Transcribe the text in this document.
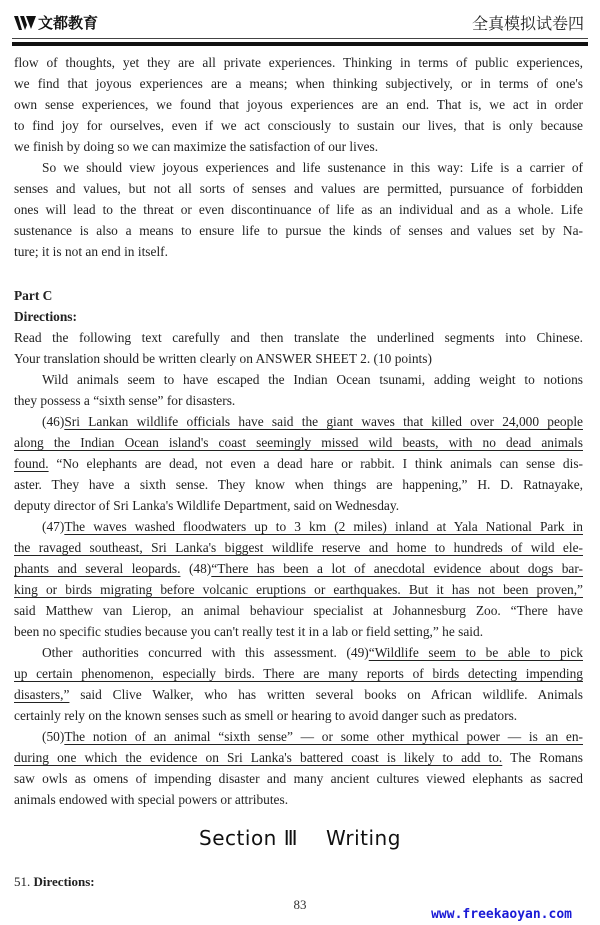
文都教育	全真模拟试卷四
flow of thoughts, yet they are all private experiences. Thinking in terms of public experiences,
we find that joyous experiences are a means; when thinking subjectively, or in terms of one's
own sense experiences, we found that joyous experiences are an end. That is, we act in order
to find joy for ourselves, even if we act consciously to sustain our lives, that is only because
we finish by doing so we can maximize the satisfaction of our lives.
So we should view joyous experiences and life sustenance in this way: Life is a carrier of
senses and values, but not all sorts of senses and values are permitted, pursuance of forbidden
ones will lead to the threat or even discontinuance of life as an individual and as a whole. Life
sustenance is also a means to ensure life to pursue the kinds of senses and values set by Na-
ture; it is not an end in itself.
Part C
Directions:
Read the following text carefully and then translate the underlined segments into Chinese.
Your translation should be written clearly on ANSWER SHEET 2. (10 points)
Wild animals seem to have escaped the Indian Ocean tsunami, adding weight to notions
they possess a “sixth sense” for disasters.
(46)Sri Lankan wildlife officials have said the giant waves that killed over 24,000 people
along the Indian Ocean island's coast seemingly missed wild beasts, with no dead animals
found. “No elephants are dead, not even a dead hare or rabbit. I think animals can sense dis-
aster. They have a sixth sense. They know when things are happening,” H. D. Ratnayake,
deputy director of Sri Lanka's Wildlife Department, said on Wednesday.
(47)The waves washed floodwaters up to 3 km (2 miles) inland at Yala National Park in
the ravaged southeast, Sri Lanka's biggest wildlife reserve and home to hundreds of wild ele-
phants and several leopards. (48)“There has been a lot of anecdotal evidence about dogs bar-
king or birds migrating before volcanic eruptions or earthquakes. But it has not been proven,”
said Matthew van Lierop, an animal behaviour specialist at Johannesburg Zoo. “There have
been no specific studies because you can't really test it in a lab or field setting,” he said.
Other authorities concurred with this assessment. (49)“Wildlife seem to be able to pick
up certain phenomenon, especially birds. There are many reports of birds detecting impending
disasters,” said Clive Walker, who has written several books on African wildlife. Animals
certainly rely on the known senses such as smell or hearing to avoid danger such as predators.
(50)The notion of an animal “sixth sense” — or some other mythical power — is an en-
during one which the evidence on Sri Lanka's battered coast is likely to add to. The Romans
saw owls as omens of impending disaster and many ancient cultures viewed elephants as sacred
animals endowed with special powers or attributes.
Section Ⅲ Writing
51. Directions:
83
www.freekaoyan.com
